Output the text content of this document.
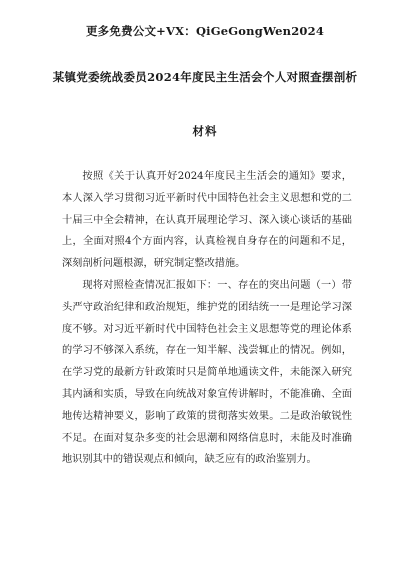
更多免费公文+VX：QiGeGongWen2024
某镇党委统战委员2024年度民主生活会个人对照查摆剖析
材料

按照《关于认真开好2024年度民主生活会的通知》要求，本人深入学习贯彻习近平新时代中国特色社会主义思想和党的二十届三中全会精神，在认真开展理论学习、深入谈心谈话的基础上，全面对照4个方面内容，认真检视自身存在的问题和不足，深刻剖析问题根源，研究制定整改措施。

现将对照检查情况汇报如下：一、存在的突出问题（一）带头严守政治纪律和政治规矩，维护党的团结统一一是理论学习深度不够。对习近平新时代中国特色社会主义思想等党的理论体系的学习不够深入系统，存在一知半解、浅尝辄止的情况。例如，在学习党的最新方针政策时只是简单地通读文件，未能深入研究其内涵和实质，导致在向统战对象宣传讲解时，不能准确、全面地传达精神要义，影响了政策的贯彻落实效果。二是政治敏锐性不足。在面对复杂多变的社会思潮和网络信息时，未能及时准确地识别其中的错误观点和倾向，缺乏应有的政治鉴别力。
